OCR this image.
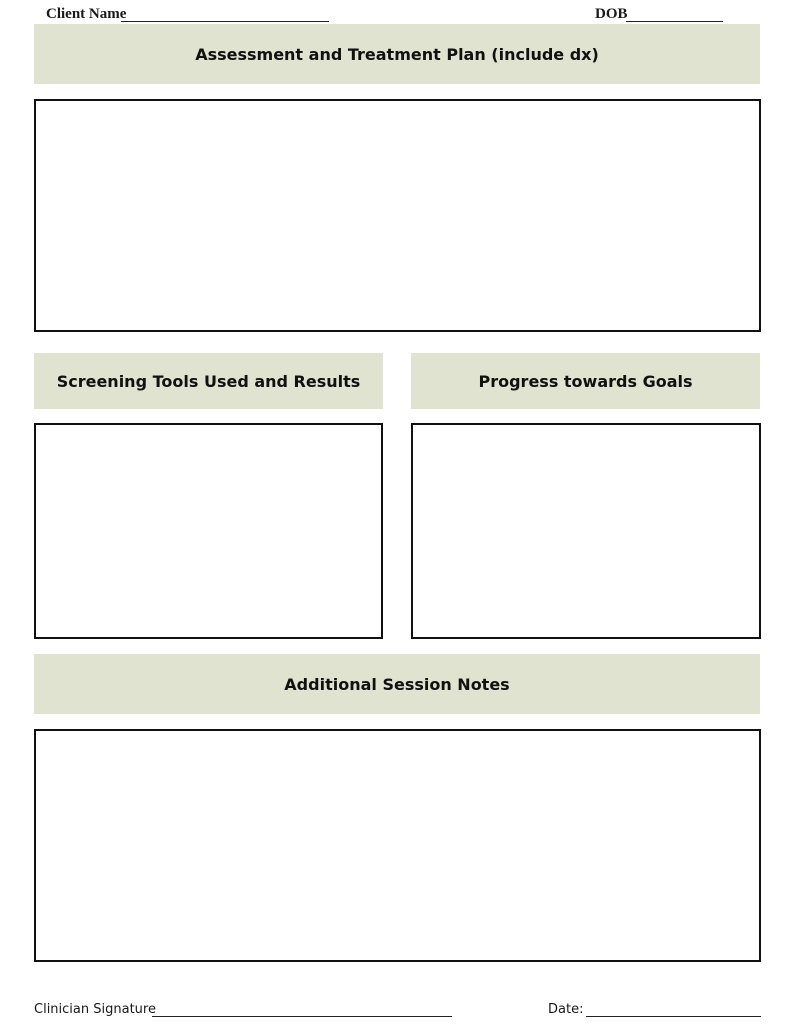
Client Name	DOB
Assessment and Treatment Plan (include dx)
Screening Tools Used and Results	Progress towards Goals
Additional Session Notes
Clinician Signature	Date:
